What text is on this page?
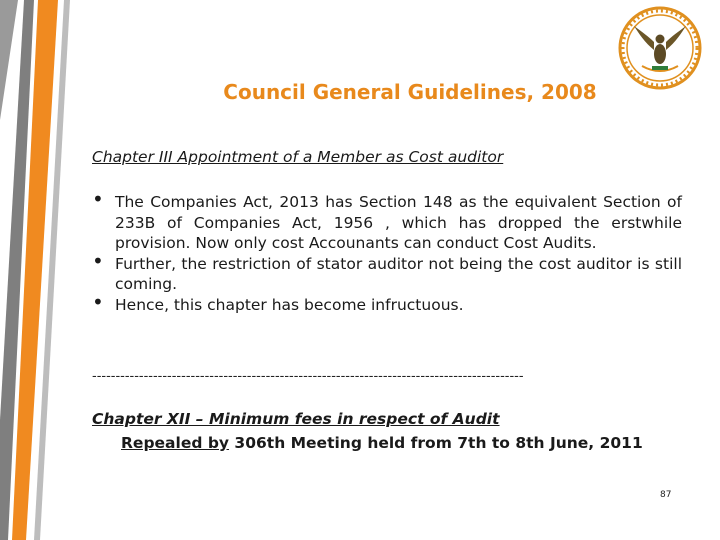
Council General Guidelines, 2008
Chapter III Appointment of a Member as Cost auditor
• The Companies Act, 2013 has Section 148 as the equivalent Section of 233B of Companies Act, 1956 , which has dropped the erstwhile provision. Now only cost Accounants can conduct Cost Audits.
• Further, the restriction of stator auditor not being the cost auditor is still coming.
• Hence, this chapter has become infructuous.
--------------------------------------------------------------------------------------------
Chapter XII – Minimum fees in respect of Audit
Repealed by 306th Meeting held from 7th to 8th June, 2011
87
